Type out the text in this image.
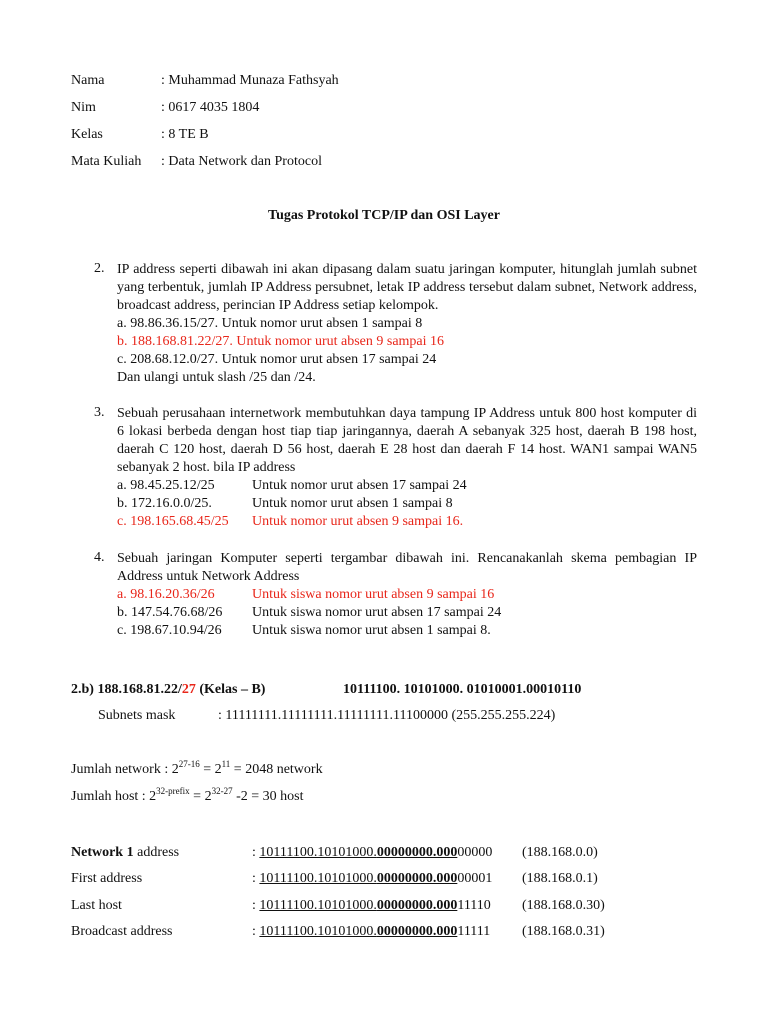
Nama	: Muhammad Munaza Fathsyah
Nim	: 0617 4035 1804
Kelas	: 8 TE B
Mata Kuliah : Data Network dan Protocol
Tugas Protokol TCP/IP dan OSI Layer
2. IP address seperti dibawah ini akan dipasang dalam suatu jaringan komputer, hitunglah jumlah subnet yang terbentuk, jumlah IP Address persubnet, letak IP address tersebut dalam subnet, Network address, broadcast address, perincian IP Address setiap kelompok.
a. 98.86.36.15/27. Untuk nomor urut absen 1 sampai 8
b. 188.168.81.22/27. Untuk nomor urut absen 9 sampai 16
c. 208.68.12.0/27. Untuk nomor urut absen 17 sampai 24
Dan ulangi untuk slash /25 dan /24.
3. Sebuah perusahaan internetwork membutuhkan daya tampung IP Address untuk 800 host komputer di 6 lokasi berbeda dengan host tiap tiap jaringannya, daerah A sebanyak 325 host, daerah B 198 host, daerah C 120 host, daerah D 56 host, daerah E 28 host dan daerah F 14 host. WAN1 sampai WAN5 sebanyak 2 host. bila IP address
a. 98.45.25.12/25	Untuk nomor urut absen 17 sampai 24
b. 172.16.0.0/25.	Untuk nomor urut absen 1 sampai 8
c. 198.165.68.45/25 Untuk nomor urut absen 9 sampai 16.
4. Sebuah jaringan Komputer seperti tergambar dibawah ini. Rencanakanlah skema pembagian IP Address untuk Network Address
a. 98.16.20.36/26	Untuk siswa nomor urut absen 9 sampai 16
b. 147.54.76.68/26 Untuk siswa nomor urut absen 17 sampai 24
c. 198.67.10.94/26 Untuk siswa nomor urut absen 1 sampai 8.
2.b) 188.168.81.22/27 (Kelas – B)	10111100. 10101000. 01010001.00010110
Subnets mask	: 11111111.11111111.11111111.11100000 (255.255.255.224)
Jumlah network : $2^{27-16} = 2^{11} = 2048$ network
Jumlah host : $2^{32-prefix} = 2^{32-27}$ -2 = 30 host
Network 1 address	: 10111100.10101000.00000000.00000000 (188.168.0.0)
First address	: 10111100.10101000.00000000.00000001 (188.168.0.1)
Last host	: 10111100.10101000.00000000.00011110 (188.168.0.30)
Broadcast address	: 10111100.10101000.00000000.00011111 (188.168.0.31)
